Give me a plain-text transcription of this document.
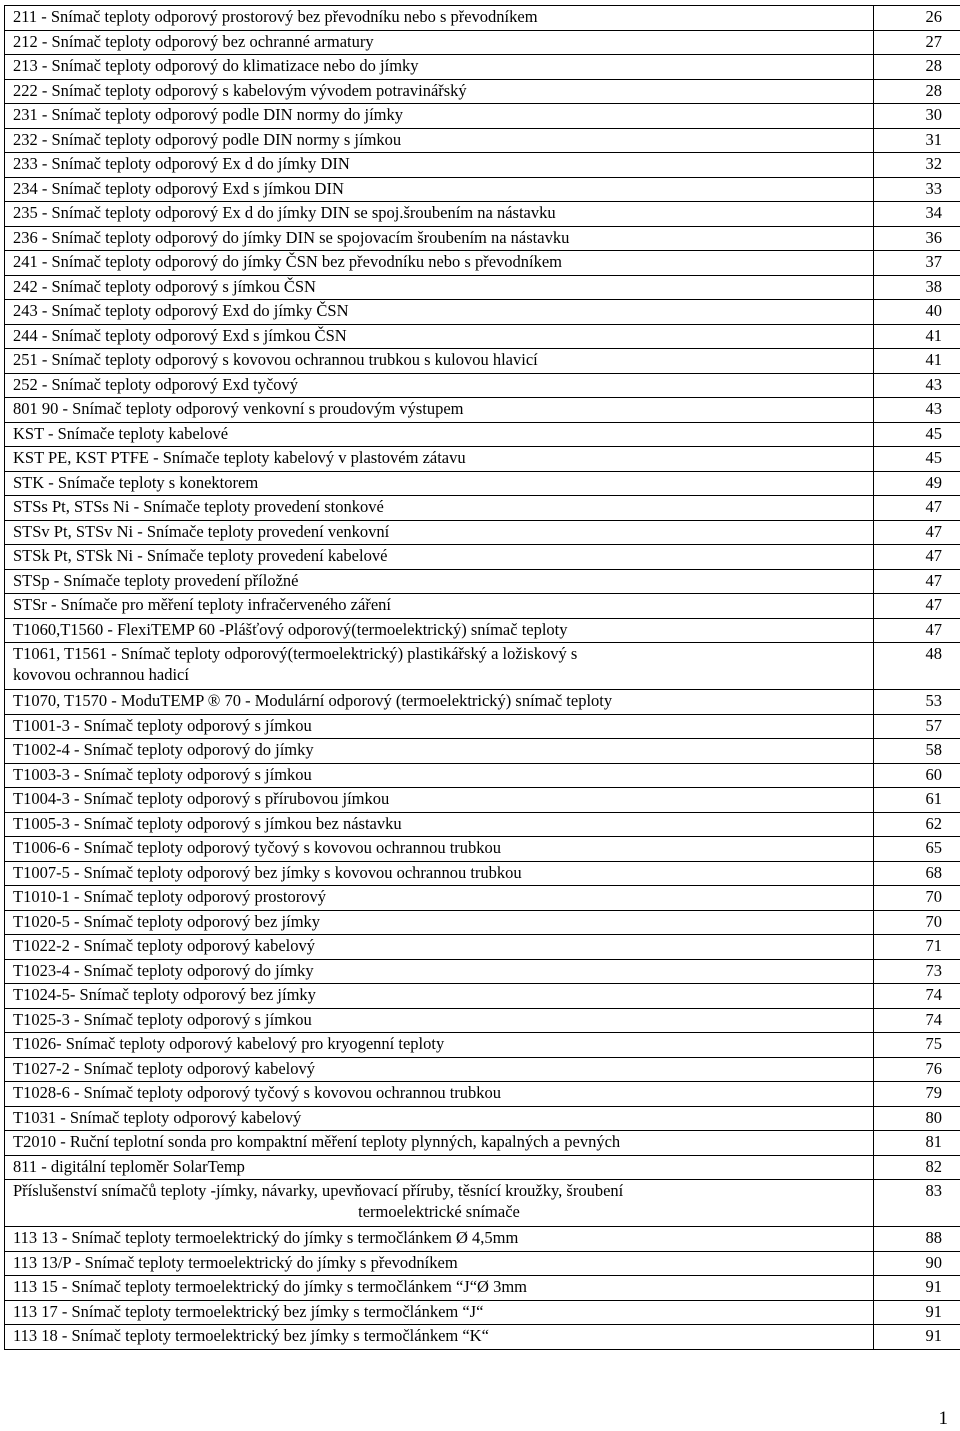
211 - Snímač teploty odporový prostorový bez převodníku nebo s převodníkem	26

212 - Snímač teploty odporový bez ochranné armatury	27

213 - Snímač teploty odporový do klimatizace nebo do jímky	28

222 - Snímač teploty odporový s kabelovým vývodem potravinářský	28

231 - Snímač teploty odporový podle DIN normy do jímky	30

232 - Snímač teploty odporový podle DIN normy s jímkou	31

233 - Snímač teploty odporový Ex d do jímky DIN	32

234 - Snímač teploty odporový Exd s jímkou DIN	33

235 - Snímač teploty odporový Ex d do jímky DIN se spoj.šroubením na nástavku	34

236 - Snímač teploty odporový do jímky DIN se spojovacím šroubením na nástavku	36

241 - Snímač teploty odporový do jímky ČSN bez převodníku nebo s převodníkem	37

242 - Snímač teploty odporový s jímkou ČSN	38

243 - Snímač teploty odporový Exd do jímky ČSN	40

244 - Snímač teploty odporový Exd s jímkou ČSN	41

251 - Snímač teploty odporový s kovovou ochrannou trubkou s kulovou hlavicí	41

252 - Snímač teploty odporový Exd tyčový	43

801 90 - Snímač teploty odporový venkovní s proudovým výstupem	43

KST - Snímače teploty kabelové	45

KST PE, KST PTFE - Snímače teploty kabelový v plastovém zátavu	45

STK - Snímače teploty s konektorem	49

STSs Pt, STSs Ni - Snímače teploty provedení stonkové	47

STSv Pt, STSv Ni - Snímače teploty provedení venkovní	47

STSk Pt, STSk Ni - Snímače teploty provedení kabelové	47

STSp - Snímače teploty provedení příložné	47

STSr - Snímače pro měření teploty infračerveného záření	47

T1060,T1560 - FlexiTEMP 60 -Plášťový odporový(termoelektrický) snímač teploty	47

T1061, T1561 - Snímač teploty odporový(termoelektrický) plastikářský a ložiskový s
kovovou ochrannou hadicí	48

T1070, T1570 - ModuTEMP ® 70 - Modulární odporový (termoelektrický) snímač teploty	53

T1001-3 - Snímač teploty odporový s jímkou	57

T1002-4 - Snímač teploty odporový do jímky	58

T1003-3 - Snímač teploty odporový s jímkou	60

T1004-3 - Snímač teploty odporový s přírubovou jímkou	61

T1005-3 - Snímač teploty odporový s jímkou bez nástavku	62

T1006-6 - Snímač teploty odporový tyčový s kovovou ochrannou trubkou	65

T1007-5 - Snímač teploty odporový bez jímky s kovovou ochrannou trubkou	68

T1010-1 - Snímač teploty odporový prostorový	70

T1020-5 - Snímač teploty odporový bez jímky	70

T1022-2 - Snímač teploty odporový kabelový	71

T1023-4 - Snímač teploty odporový do jímky	73

T1024-5- Snímač teploty odporový bez jímky	74

T1025-3 - Snímač teploty odporový s jímkou	74

T1026- Snímač teploty odporový kabelový pro kryogenní teploty	75

T1027-2 - Snímač teploty odporový kabelový	76

T1028-6 - Snímač teploty odporový tyčový s kovovou ochrannou trubkou	79

T1031 - Snímač teploty odporový kabelový	80

T2010 - Ruční teplotní sonda pro kompaktní měření teploty plynných, kapalných a pevných	81

811 - digitální teploměr SolarTemp	82

Příslušenství snímačů teploty -jímky, návarky, upevňovací příruby, těsnící kroužky, šroubení
termoelektrické snímače	83

113 13 - Snímač teploty termoelektrický do jímky s termočlánkem Ø 4,5mm	88

113 13/P - Snímač teploty termoelektrický do jímky s převodníkem	90

113 15 - Snímač teploty termoelektrický do jímky s termočlánkem “J“Ø 3mm	91

113 17 - Snímač teploty termoelektrický bez jímky s termočlánkem “J“	91

113 18 - Snímač teploty termoelektrický bez jímky s termočlánkem “K“	91
1
